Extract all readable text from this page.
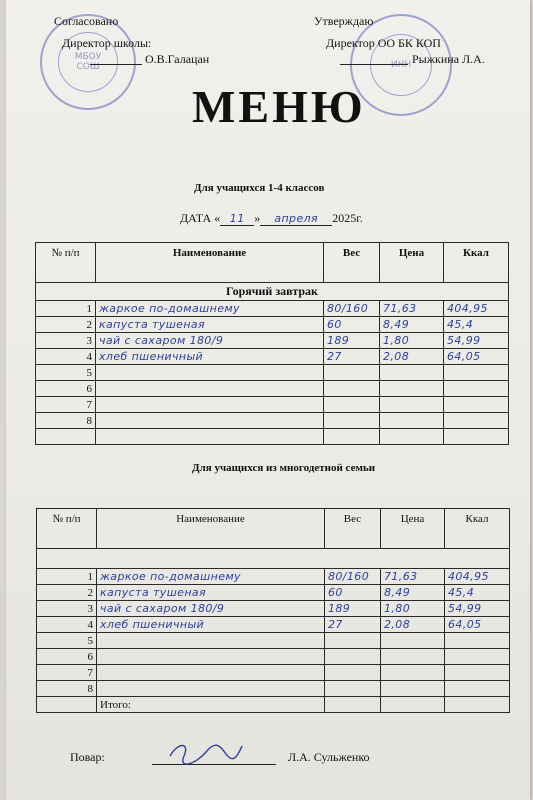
МБОУ
СОШ	ИНН
Согласовано
Директор школы:
О.В.Галацан
Утверждаю
Директор ОО БК КОП
Рыжкина Л.А.
МЕНЮ
Для учащихся 1-4 классов
ДАТА « 11 » апреля 2025г.
№ п/п	Наименование	Вес	Цена	Ккал
Горячий завтрак				
1	жаркое по-домашнему	80/160	71,63	404,95
2	капуста тушеная	60	8,49	45,4
3	чай с сахаром 180/9	189	1,80	54,99
4	хлеб пшеничный	27	2,08	64,05
5				
6				
7				
8				

Для учащихся из многодетной семьи
№ п/п	Наименование	Вес	Цена	Ккал

1	жаркое по-домашнему	80/160	71,63	404,95
2	капуста тушеная	60	8,49	45,4
3	чай с сахаром 180/9	189	1,80	54,99
4	хлеб пшеничный	27	2,08	64,05
5				
6				
7				
8				
	Итого:			
Повар:	Л.А. Сульженко
